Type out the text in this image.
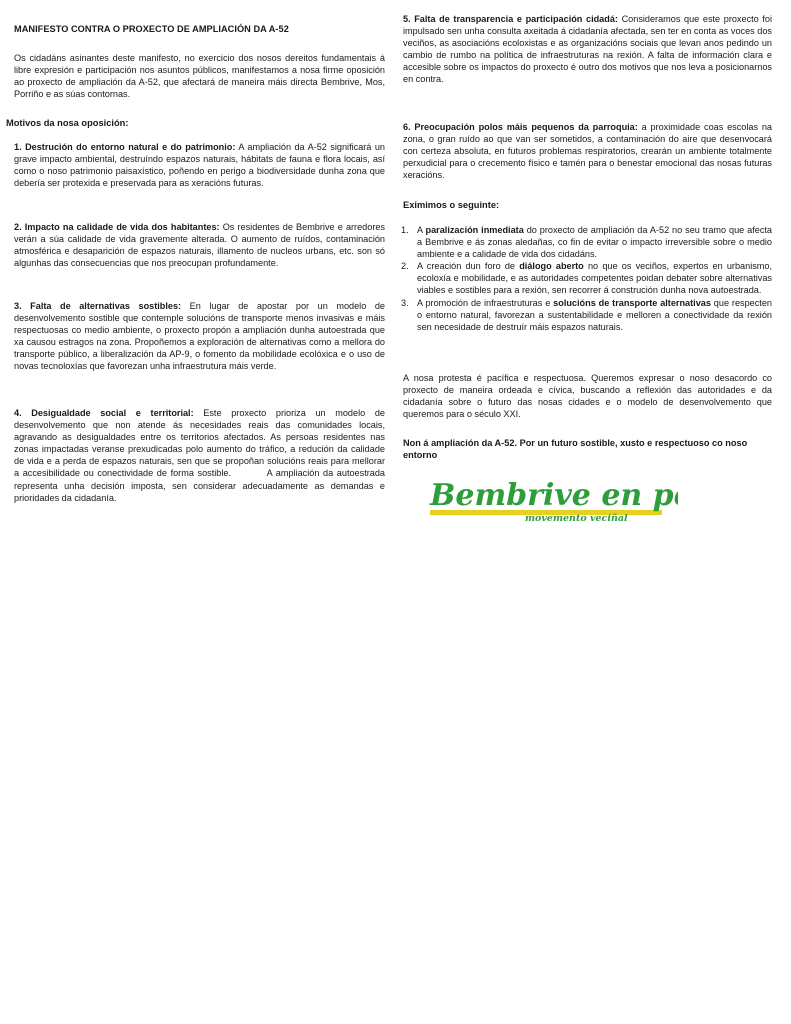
MANIFESTO CONTRA O PROXECTO DE AMPLIACIÓN DA A-52

Os cidadáns asinantes deste manifesto, no exercicio dos nosos dereitos fundamentais á libre expresión e participación nos asuntos públicos, manifestamos a nosa firme oposición ao proxecto de ampliación da A-52, que afectará de maneira máis directa Bembrive, Mos, Porriño e as súas contornas.

Motivos da nosa oposición:

1. Destrución do entorno natural e do patrimonio: A ampliación da A-52 significará un grave impacto ambiental, destruíndo espazos naturais, hábitats de fauna e flora locais, así como o noso patrimonio paisaxístico, poñendo en perigo a biodiversidade dunha zona que debería ser protexida e preservada para as xeracións futuras.

2. Impacto na calidade de vida dos habitantes: Os residentes de Bembrive e arredores verán a súa calidade de vida gravemente alterada. O aumento de ruídos, contaminación atmosférica e desaparición de espazos naturais, illamento de nucleos urbans, etc. son só algunhas das consecuencias que nos preocupan profundamente.

3. Falta de alternativas sostibles: En lugar de apostar por un modelo de desenvolvemento sostible que contemple solucións de transporte menos invasivas e máis respectuosas co medio ambiente, o proxecto propón a ampliación dunha autoestrada que xa causou estragos na zona. Propoñemos a exploración de alternativas como a mellora do transporte público, a liberalización da AP-9, o fomento da mobilidade ecolóxica e o uso de novas tecnoloxías que favorezan unha infraestrutura máis verde.

4. Desigualdade social e territorial: Este proxecto prioriza un modelo de desenvolvemento que non atende ás necesidades reais das comunidades locais, agravando as desigualdades entre os territorios afectados. As persoas residentes nas zonas impactadas veranse prexudicadas polo aumento do tráfico, a redución da calidade de vida e a perda de espazos naturais, sen que se propoñan solucións reais para mellorar a accesibilidade ou conectividade de forma sostible.          A ampliación da autoestrada representa unha decisión imposta, sen considerar adecuadamente as demandas e prioridades da cidadanía.

5. Falta de transparencia e participación cidadá: Consideramos que este proxecto foi impulsado sen unha consulta axeitada á cidadanía afectada, sen ter en conta as voces dos veciños, as asociacións ecoloxistas e as organizacións sociais que levan anos pedindo un cambio de rumbo na política de infraestruturas na rexión. A falta de información clara e accesible sobre os impactos do proxecto é outro dos motivos que nos leva a posicionarnos en contra.

6. Preocupación polos máis pequenos da parroquia: a proximidade coas escolas na zona, o gran ruído ao que van ser sometidos, a contaminación do aire que desenvocará con certeza absoluta, en futuros problemas respiratorios, crearán un ambiente totalmente perxudicial para o crecemento físico e tamén para o benestar emocional das nosas futuras xeracións.

Eximimos o seguinte:
1. A paralización inmediata do proxecto de ampliación da A-52 no seu tramo que afecta a Bembrive e ás zonas aledañas, co fin de evitar o impacto irreversible sobre o medio ambiente e a calidade de vida dos cidadáns.
2. A creación dun foro de diálogo aberto no que os veciños, expertos en urbanismo, ecoloxía e mobilidade, e as autoridades competentes poidan debater sobre alternativas viables e sostibles para a rexión, sen recorrer á construción dunha nova autoestrada.
3. A promoción de infraestruturas e solucións de transporte alternativas que respecten o entorno natural, favorezan a sustentabilidade e melloren a conectividade da rexión sen necesidade de destruír máis espazos naturais.

A nosa protesta é pacífica e respectuosa. Queremos expresar o noso desacordo co proxecto de maneira ordeada e cívica, buscando a reflexión das autoridades e da cidadanía sobre o futuro das nosas cidades e o modelo de desenvolvemento que queremos para o século XXI.

Non á ampliación da A-52. Por un futuro sostible, xusto e respectuoso co noso entorno
Bembrive en pé
movemento veciñal
